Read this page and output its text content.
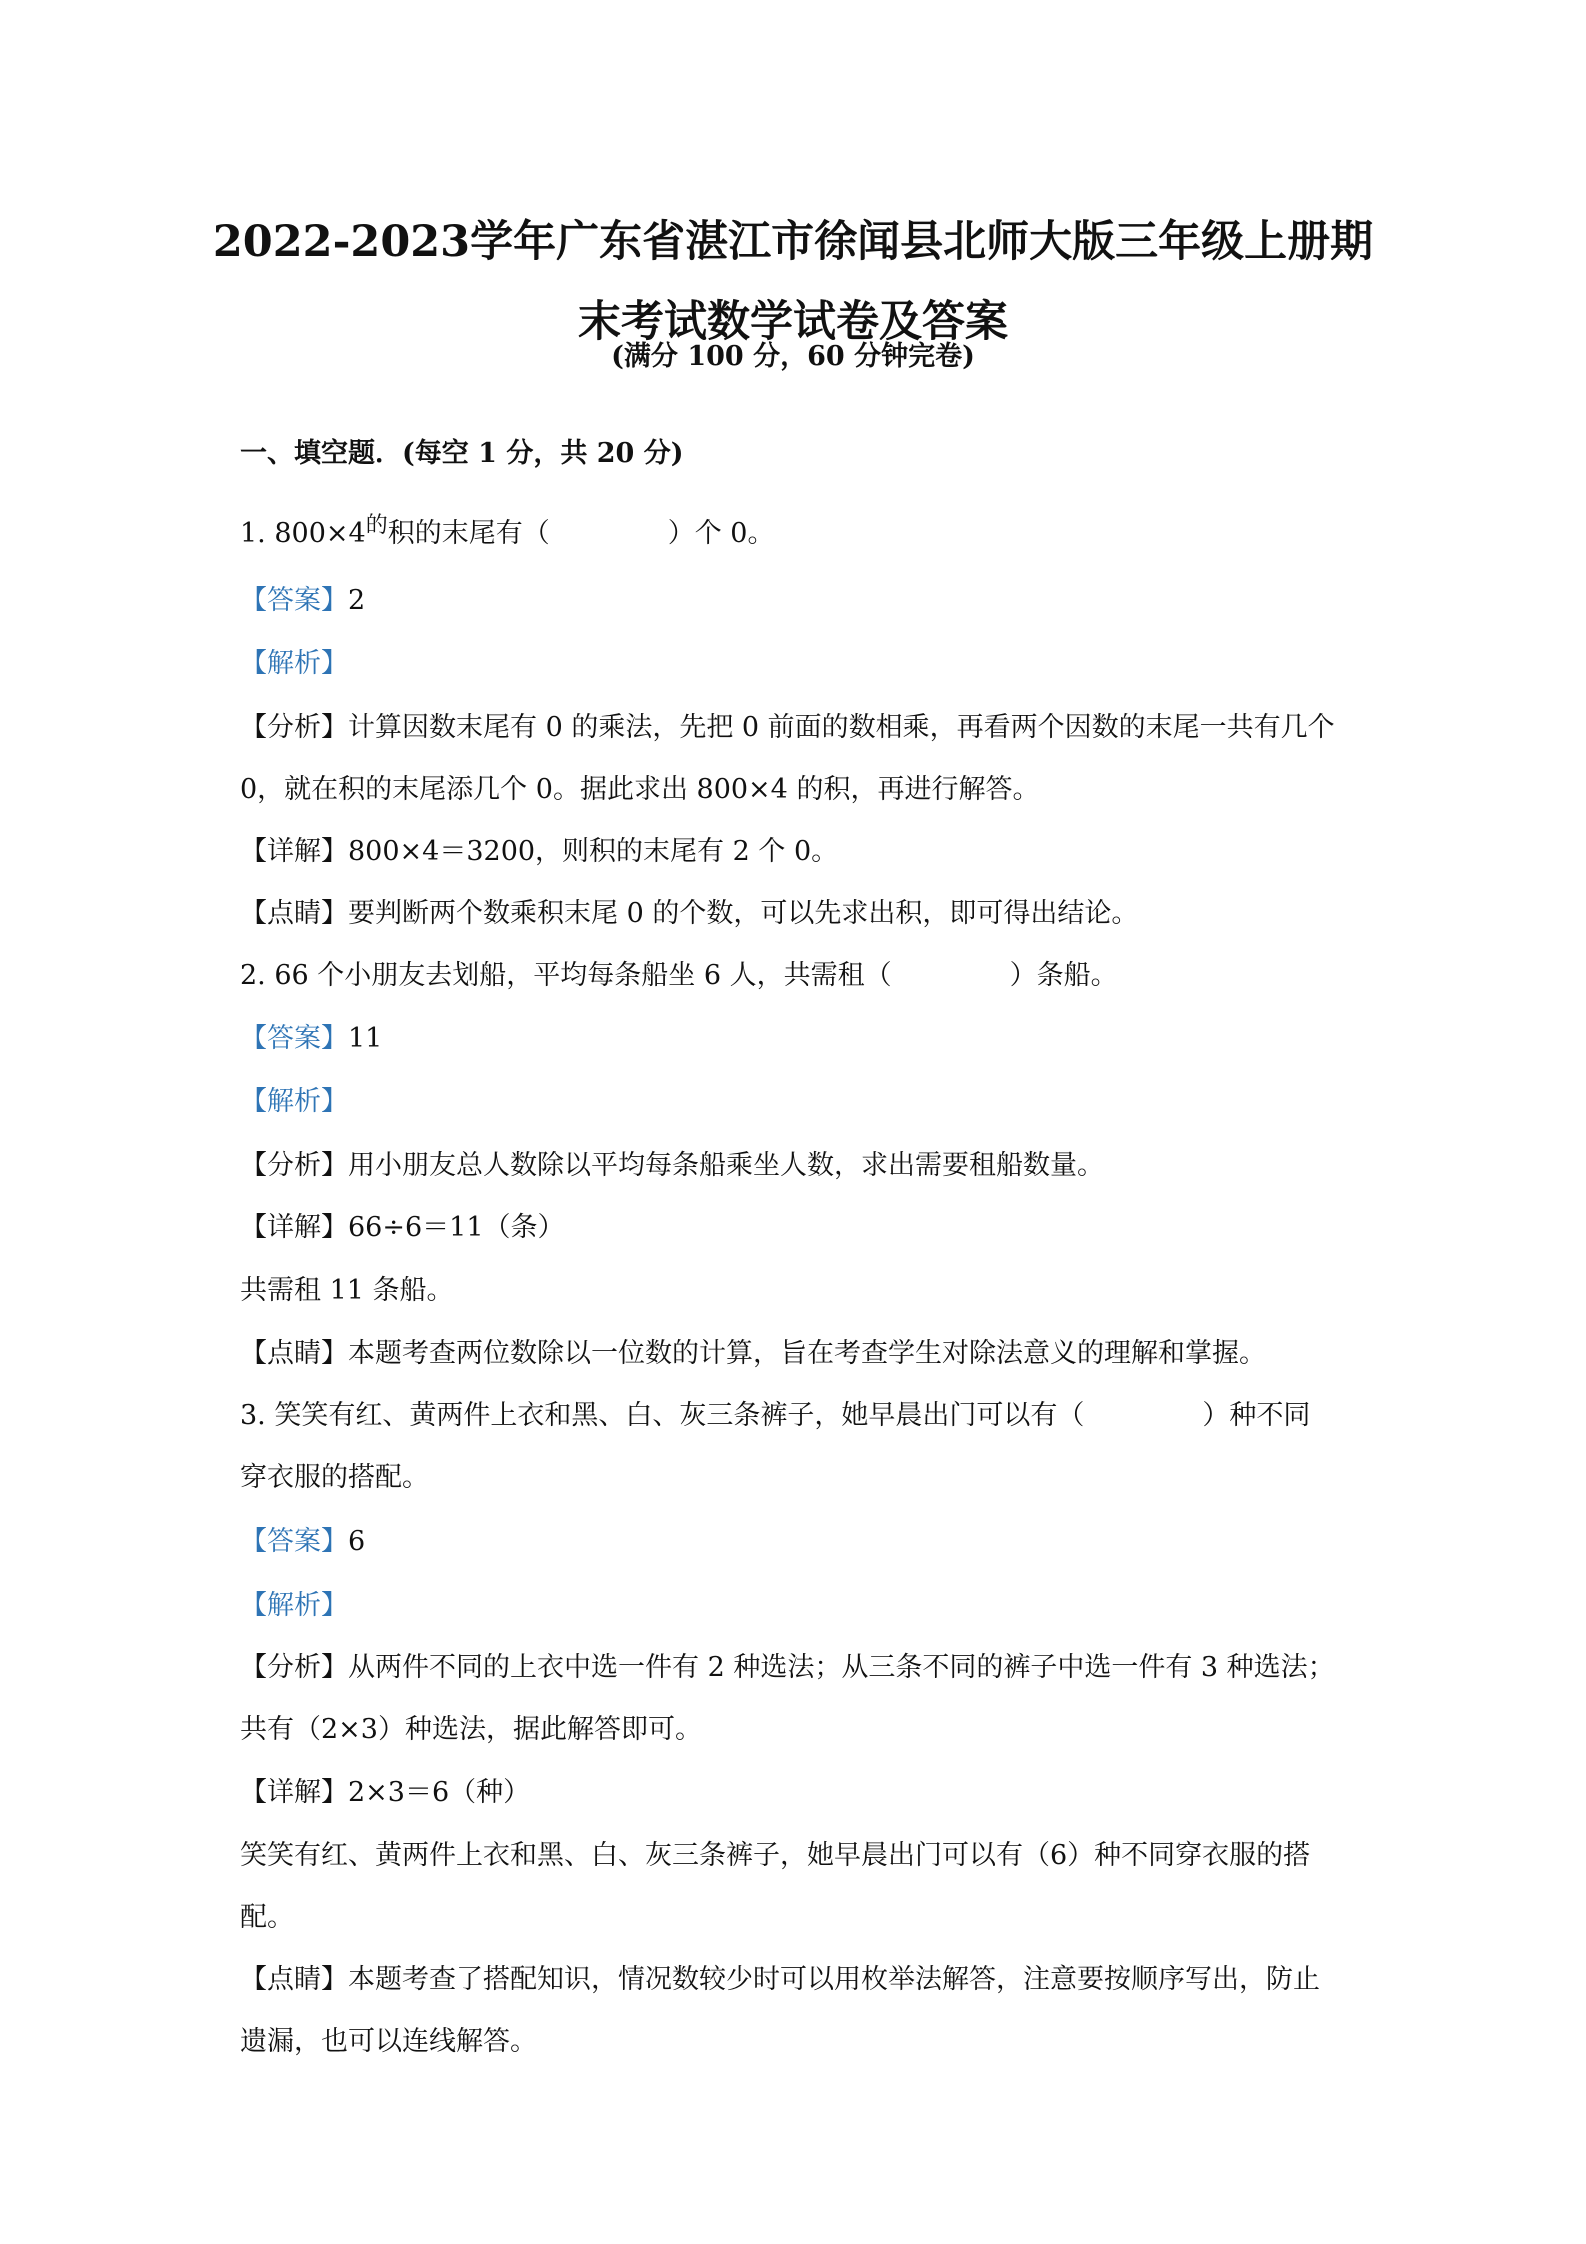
2022-2023学年广东省湛江市徐闻县北师大版三年级上册期
末考试数学试卷及答案
(满分 100 分，60 分钟完卷)
一、填空题．(每空 1 分，共 20 分)
1. $800\times 4^的$积的末尾有（	）个 0。
【答案】2
【解析】
【分析】计算因数末尾有 0 的乘法，先把 0 前面的数相乘，再看两个因数的末尾一共有几个
0，就在积的末尾添几个 0。据此求出 800×4 的积，再进行解答。
【详解】800×4＝3200，则积的末尾有 2 个 0。
【点睛】要判断两个数乘积末尾 0 的个数，可以先求出积，即可得出结论。
2. 66 个小朋友去划船，平均每条船坐 6 人，共需租（	）条船。
【答案】11
【解析】
【分析】用小朋友总人数除以平均每条船乘坐人数，求出需要租船数量。
【详解】66÷6＝11（条）
共需租 11 条船。
【点睛】本题考查两位数除以一位数的计算，旨在考查学生对除法意义的理解和掌握。
3. 笑笑有红、黄两件上衣和黑、白、灰三条裤子，她早晨出门可以有（	）种不同
穿衣服的搭配。
【答案】6
【解析】
【分析】从两件不同的上衣中选一件有 2 种选法；从三条不同的裤子中选一件有 3 种选法；
共有（2×3）种选法，据此解答即可。
【详解】2×3＝6（种）
笑笑有红、黄两件上衣和黑、白、灰三条裤子，她早晨出门可以有（6）种不同穿衣服的搭
配。
【点睛】本题考查了搭配知识，情况数较少时可以用枚举法解答，注意要按顺序写出，防止
遗漏，也可以连线解答。
